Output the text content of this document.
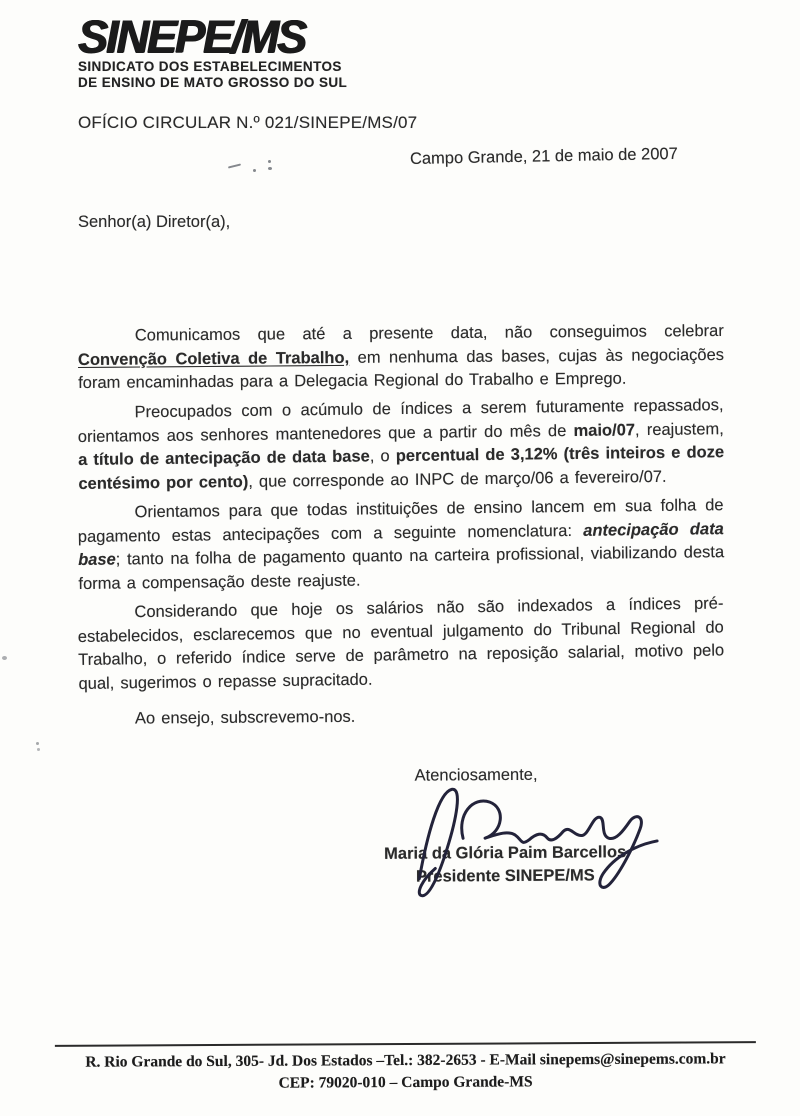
SINEPE/MS
SINDICATO DOS ESTABELECIMENTOS
DE ENSINO DE MATO GROSSO DO SUL
OFÍCIO CIRCULAR N.º 021/SINEPE/MS/07
Campo Grande, 21 de maio de 2007
Senhor(a) Diretor(a),

Comunicamos que até a presente data, não conseguimos celebrar Convenção Coletiva de Trabalho, em nenhuma das bases, cujas às negociações foram encaminhadas para a Delegacia Regional do Trabalho e Emprego.

Preocupados com o acúmulo de índices a serem futuramente repassados, orientamos aos senhores mantenedores que a partir do mês de maio/07, reajustem, a título de antecipação de data base, o percentual de 3,12% (três inteiros e doze centésimo por cento), que corresponde ao INPC de março/06 a fevereiro/07.

Orientamos para que todas instituições de ensino lancem em sua folha de pagamento estas antecipações com a seguinte nomenclatura: antecipação data base; tanto na folha de pagamento quanto na carteira profissional, viabilizando desta forma a compensação deste reajuste.

Considerando que hoje os salários não são indexados a índices pré-estabelecidos, esclarecemos que no eventual julgamento do Tribunal Regional do Trabalho, o referido índice serve de parâmetro na reposição salarial, motivo pelo qual, sugerimos o repasse supracitado.

Ao ensejo, subscrevemo-nos.

Atenciosamente,
Maria da Glória Paim Barcellos
Presidente SINEPE/MS
R. Rio Grande do Sul, 305- Jd. Dos Estados –Tel.: 382-2653 - E-Mail sinepems@sinepems.com.br
CEP: 79020-010 – Campo Grande-MS
